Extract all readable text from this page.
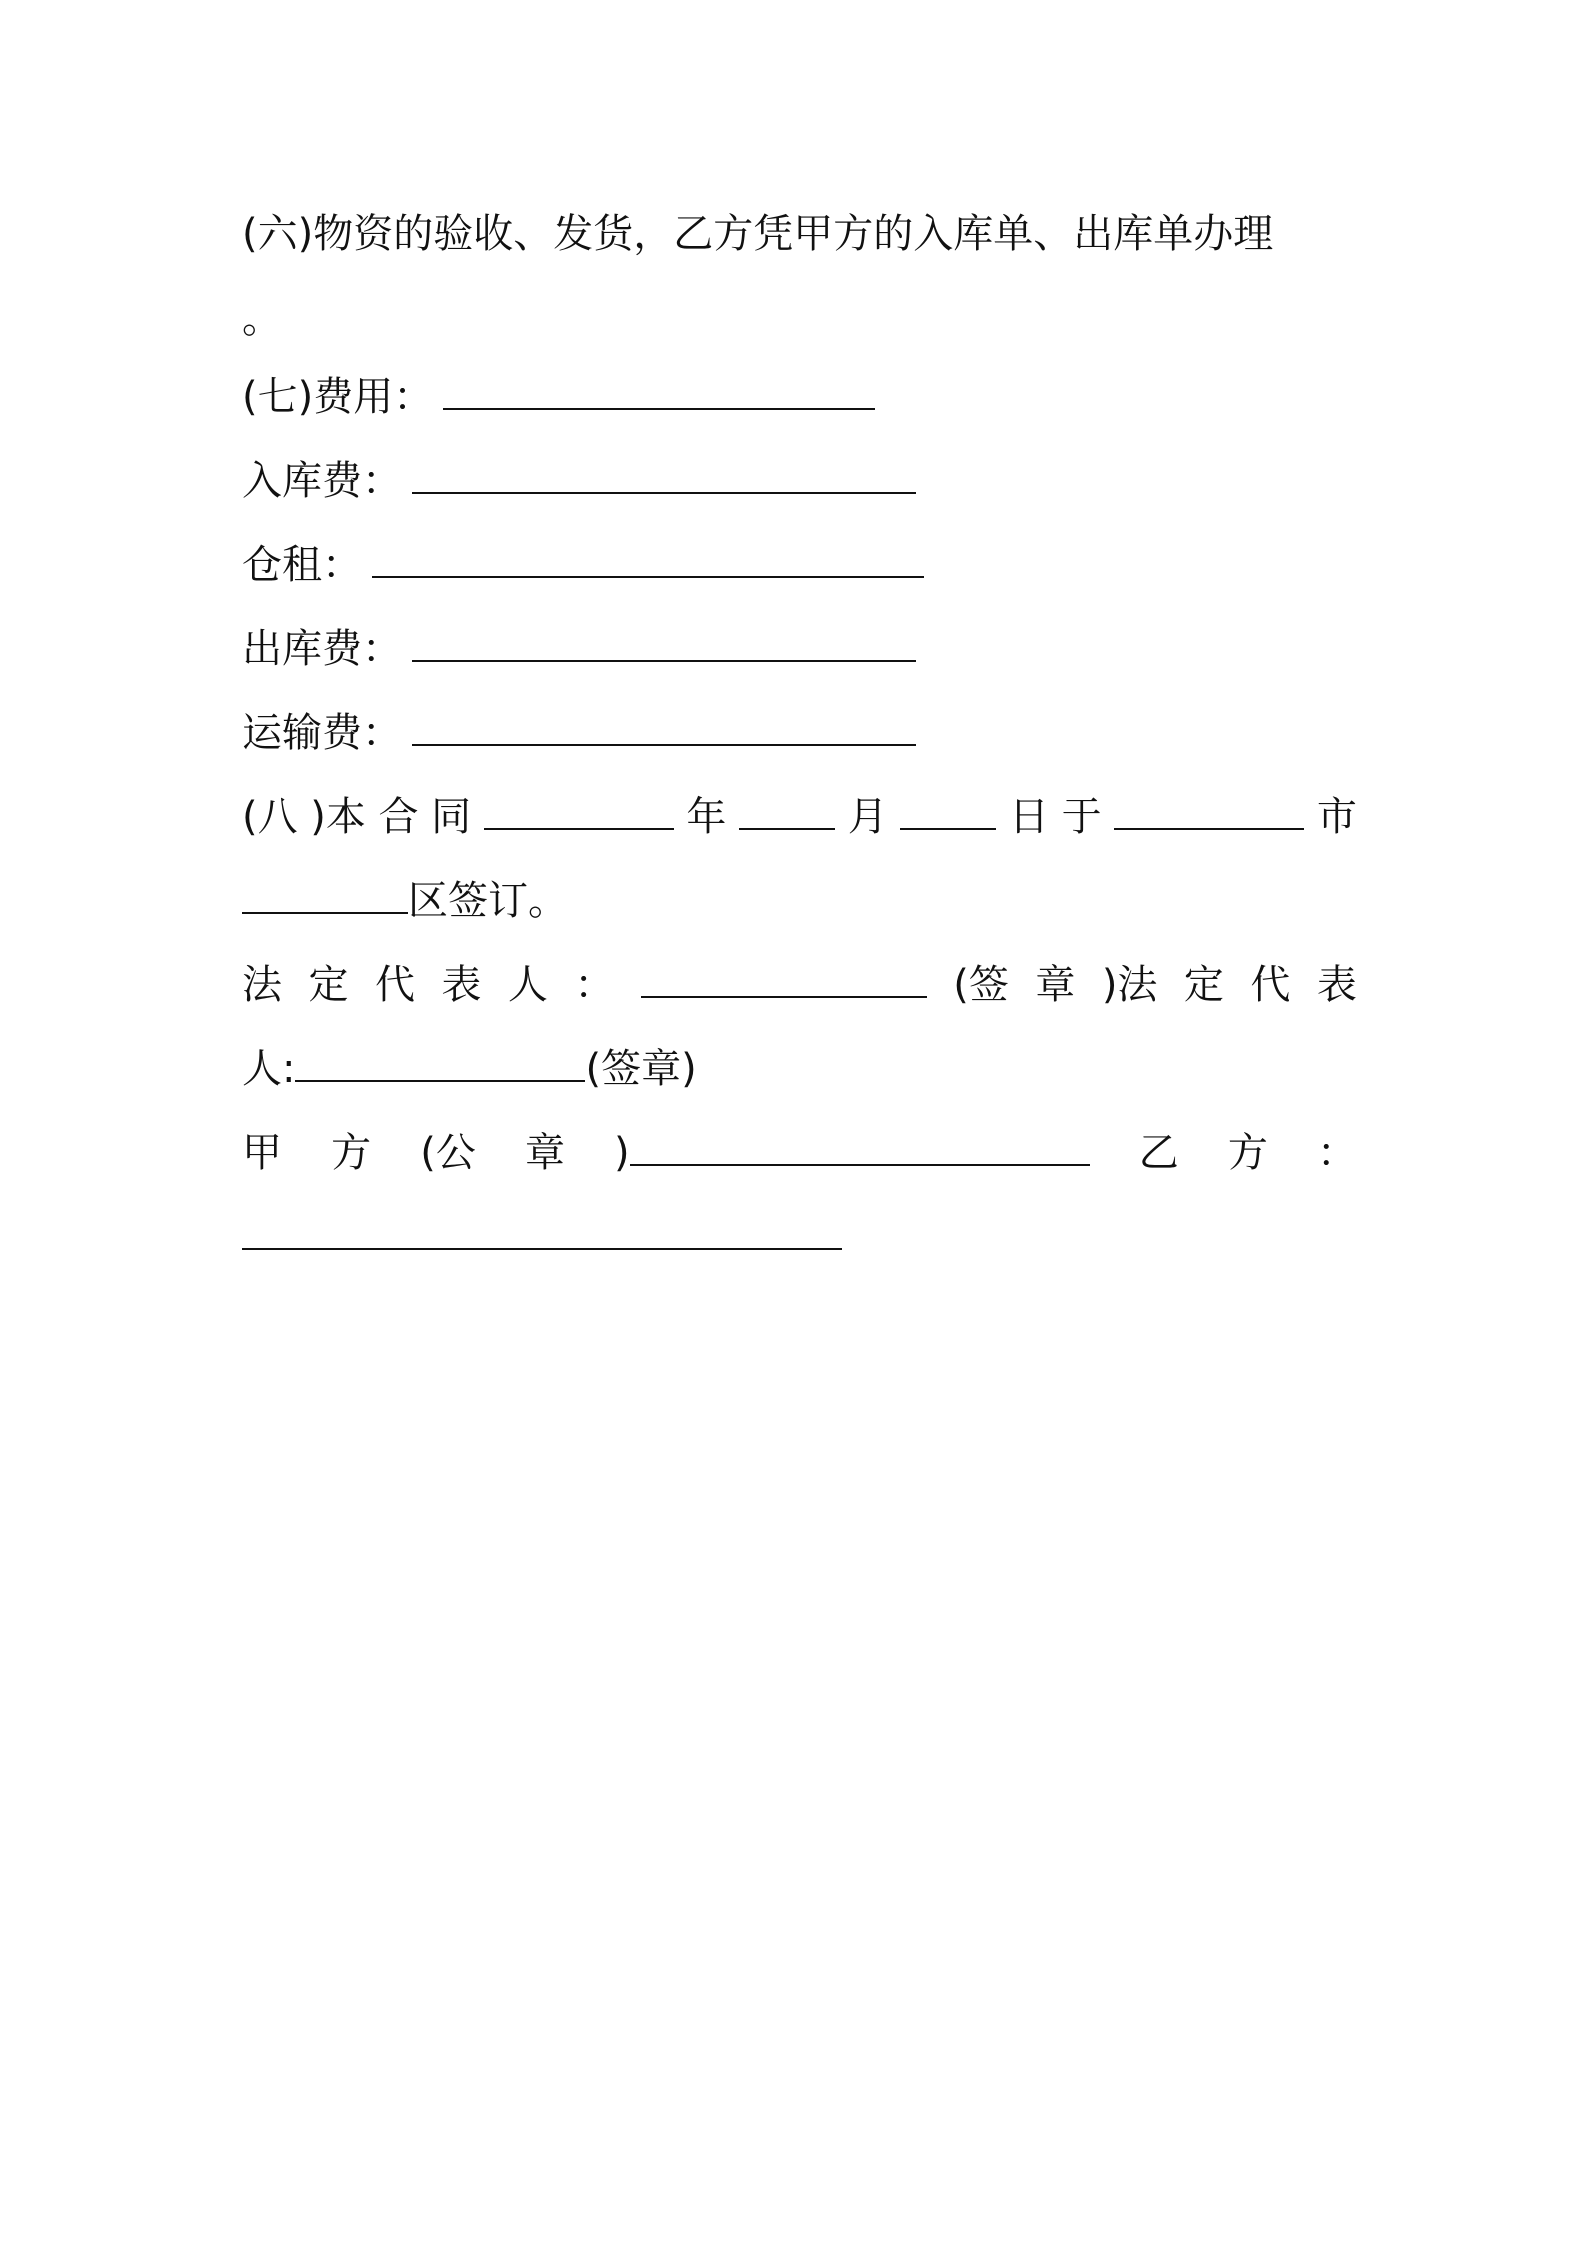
(六)物资的验收、发货，乙方凭甲方的入库单、出库单办理
。
(七)费用：
入库费：
仓租：
出库费：
运输费：
(八 )本 合 同	年	月	日 于	市
区签订。
法 定 代 表 人 ：	(签 章 )法 定 代 表
人:	(签章)
甲 方 (公 章 )	乙 方 ：
